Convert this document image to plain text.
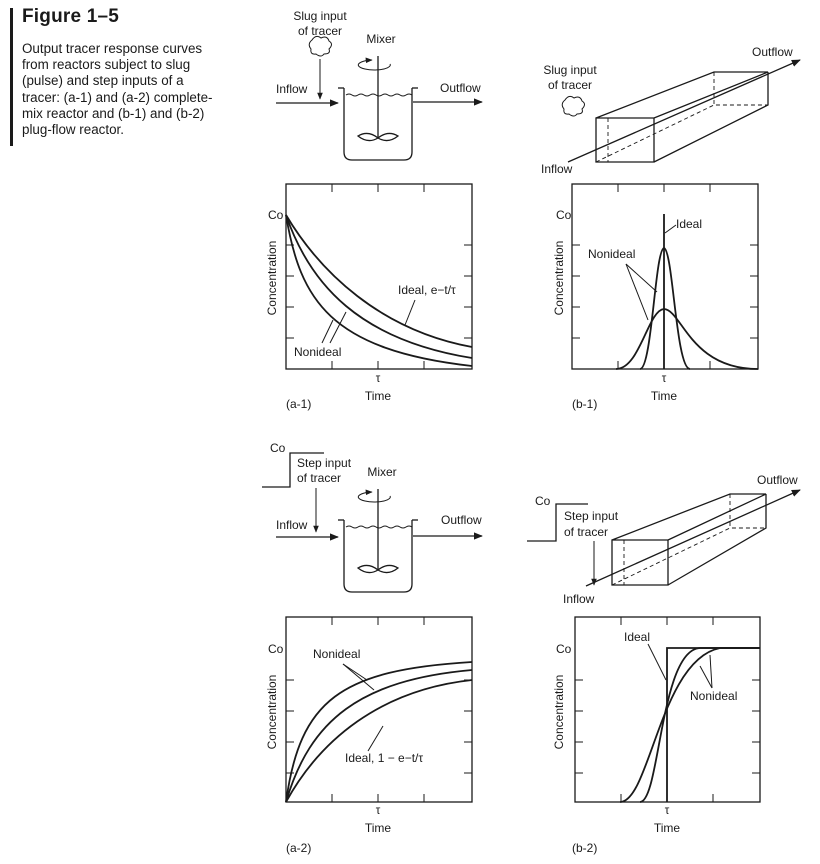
Figure 1–5
Output tracer response curves
from reactors subject to slug
(pulse) and step inputs of a
tracer: (a-1) and (a-2) complete-
mix reactor and (b-1) and (b-2)
plug-flow reactor.
Slug input
of tracer
Mixer
Inflow	Outflow
Co
Concentration	Ideal, e−t/τ
Nonideal
τ
Time
(a-1)
Slug input
of tracer
Outflow
Inflow
Co
Concentration
Ideal
Nonideal
τ
Time
(b-1)
Co
Step input
of tracer Mixer
Inflow	Outflow
Co
Concentration
Nonideal
Ideal, 1 − e−t/τ
τ
Time
(a-2)
Co
Step input
of tracer
Outflow
Inflow
Co
Concentration
Ideal
Nonideal
τ
Time
(b-2)
